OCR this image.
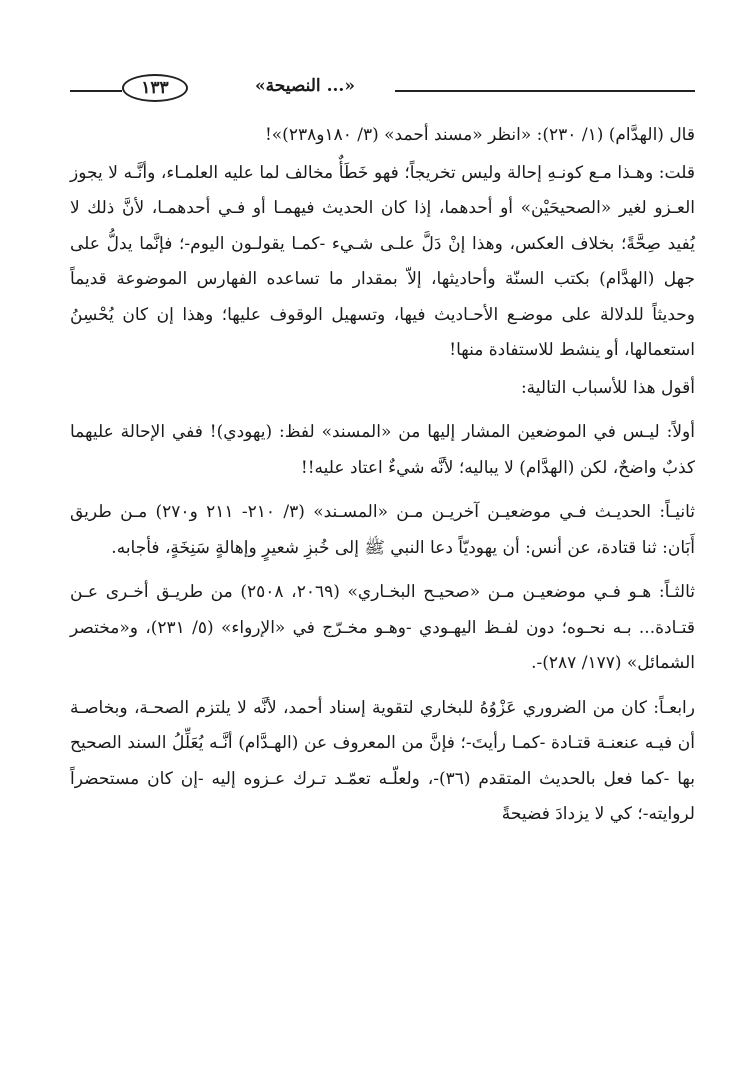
١٣٣	«النصيحة ...»

قال (الهدَّام) (١/ ٢٣٠): «انظر «مسند أحمد» (٣/ ١٨٠و٢٣٨)»!

قلت: وهـذا مـع كونـهِ إحالة وليس تخريجاً؛ فهو خَطَأٌ مخالف لما عليه العلمـاء، وأنَّـه لا يجوز العـزو لغير «الصحيحَيْن» أو أحدهما، إذا كان الحديث فيهمـا أو فـي أحدهمـا، لأنَّ ذلك لا يُفيد صِحَّةً؛ بخلاف العكس، وهذا إنْ دَلَّ علـى شـيء -كمـا يقولـون اليوم-؛ فإنَّما يدلُّ على جهل (الهدَّام) بكتب السنّة وأحاديثها، إلاّ بمقدار ما تساعده الفهارس الموضوعة قديماً وحديثاً للدلالة على موضـع الأحـاديث فيها، وتسهيل الوقوف عليها؛ وهذا إن كان يُحْسِنُ استعمالها، أو ينشط للاستفادة منها!

أقول هذا للأسباب التالية:

أولاً: ليـس في الموضعين المشار إليها من «المسند» لفظ: (يهودي)! ففي الإحالة عليهما كذبٌ واضحٌ، لكن (الهدَّام) لا يباليه؛ لأنَّه شيءٌ اعتاد عليه!!

ثانيـاً: الحديـث فـي موضعيـن آخريـن مـن «المسـند» (٣/ ٢١٠- ٢١١ و٢٧٠) مـن طريق أَبَان: ثنا قتادة، عن أنس: أن يهوديّاً دعا النبي ﷺ إلى خُبزِ شعيرٍ وإهالةٍ سَنِخَةٍ، فأجابه.

ثالثـاً: هـو فـي موضعيـن مـن «صحيـح البخـاري» (٢٠٦٩، ٢٥٠٨) من طريـق أخـرى عـن قتـادة... بـه نحـوه؛ دون لفـظ اليهـودي -وهـو مخـرّج في «الإرواء» (٥/ ٢٣١)، و«مختصر الشمائل» (١٧٧/ ٢٨٧)-.

رابعـاً: كان من الضروري عَزْوُهُ للبخاري لتقوية إسناد أحمد، لأنَّه لا يلتزم الصحـة، وبخاصـة أن فيـه عنعنـة قتـادة -كمـا رأيتَ-؛ فإنَّ من المعروف عن (الهـدَّام) أنَّـه يُعَلِّلُ السند الصحيح بها -كما فعل بالحديث المتقدم (٣٦)-، ولعلّـه تعمّـد تـرك عـزوه إليه -إن كان مستحضراً لروايته-؛ كي لا يزدادَ فضيحةً
